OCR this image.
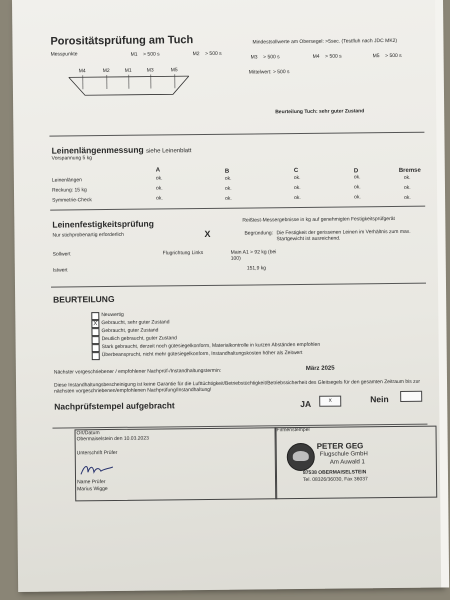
Porositätsprüfung am Tuch	Mindestsollwerte am Obersegel: >5sec. (Testfluh nach JDC MK2)
Messpunkte	M1 > 500 s	M2 > 500 s
M3 > 500 s	M4 > 500 s	M5 > 500 s
M4	M2	M1	M3	M5	Mittelwert: > 500 s
Beurteilung Tuch: sehr guter Zustand
Leinenlängenmessung siehe Leinenblatt
Vorspannung 5 kg
A	B	C	D	Bremse
Leinenlängen	ok.	ok.	ok.	ok.	ok.
Reckung: 15 kg	ok.	ok.	ok.	ok.	ok.
Symmetrie-Check	ok.	ok.	ok.	ok.	ok.
Leinenfestigkeitsprüfung	Reißtest-Messergebnisse in kg auf genehmigten Festigkeitsprüfgerät
Nur stichprobenartig erforderlich	X	Begründung: Die Festigkeit der gerissenen Leinen im Verhältnis zum max. Startgewicht ist ausreichend.
Sollwert	Flugrichtung Links	Main A1 > 92 kg (bei 100)
Istwert	151,9 kg
BEURTEILUNG
Neuwertig
X Gebraucht, sehr guter Zustand
Gebraucht, guter Zustand
Deutlich gebraucht, guter Zustand
Stark gebraucht, derzeit noch gütesiegelkonform, Materialkontrolle in kurzen Abständen empfohlen
Überbeansprucht, nicht mehr gütesiegelkonform, Instandhaltungskosten höher als Zeitwert
Nächster vorgeschriebener / empfohlener Nachprüf-/Instandhaltungstermin:	März 2025
Diese Instandhaltungsbescheinigung ist keine Garantie für die Lufttüchtigkeit/Betriebstüchtigkeit/Betriebssicherheit des Gleitsegels für den gesamten Zeitraum bis zur nächsten vorgeschriebenen/empfohlenen Nachprüfung/Instandhaltung!
Nachprüfstempel aufgebracht	JA	x	Nein
Ort/Datum
Obermaiselstein den 10.03.2023
Unterschrift Prüfer
Name Prüfer
Marius Wigge
Firmenstempel
PETER GEG
Flugschule GmbH
Am Auwald 1
87538 OBERMAISELSTEIN
Tel. 08326/36030, Fax 36037
